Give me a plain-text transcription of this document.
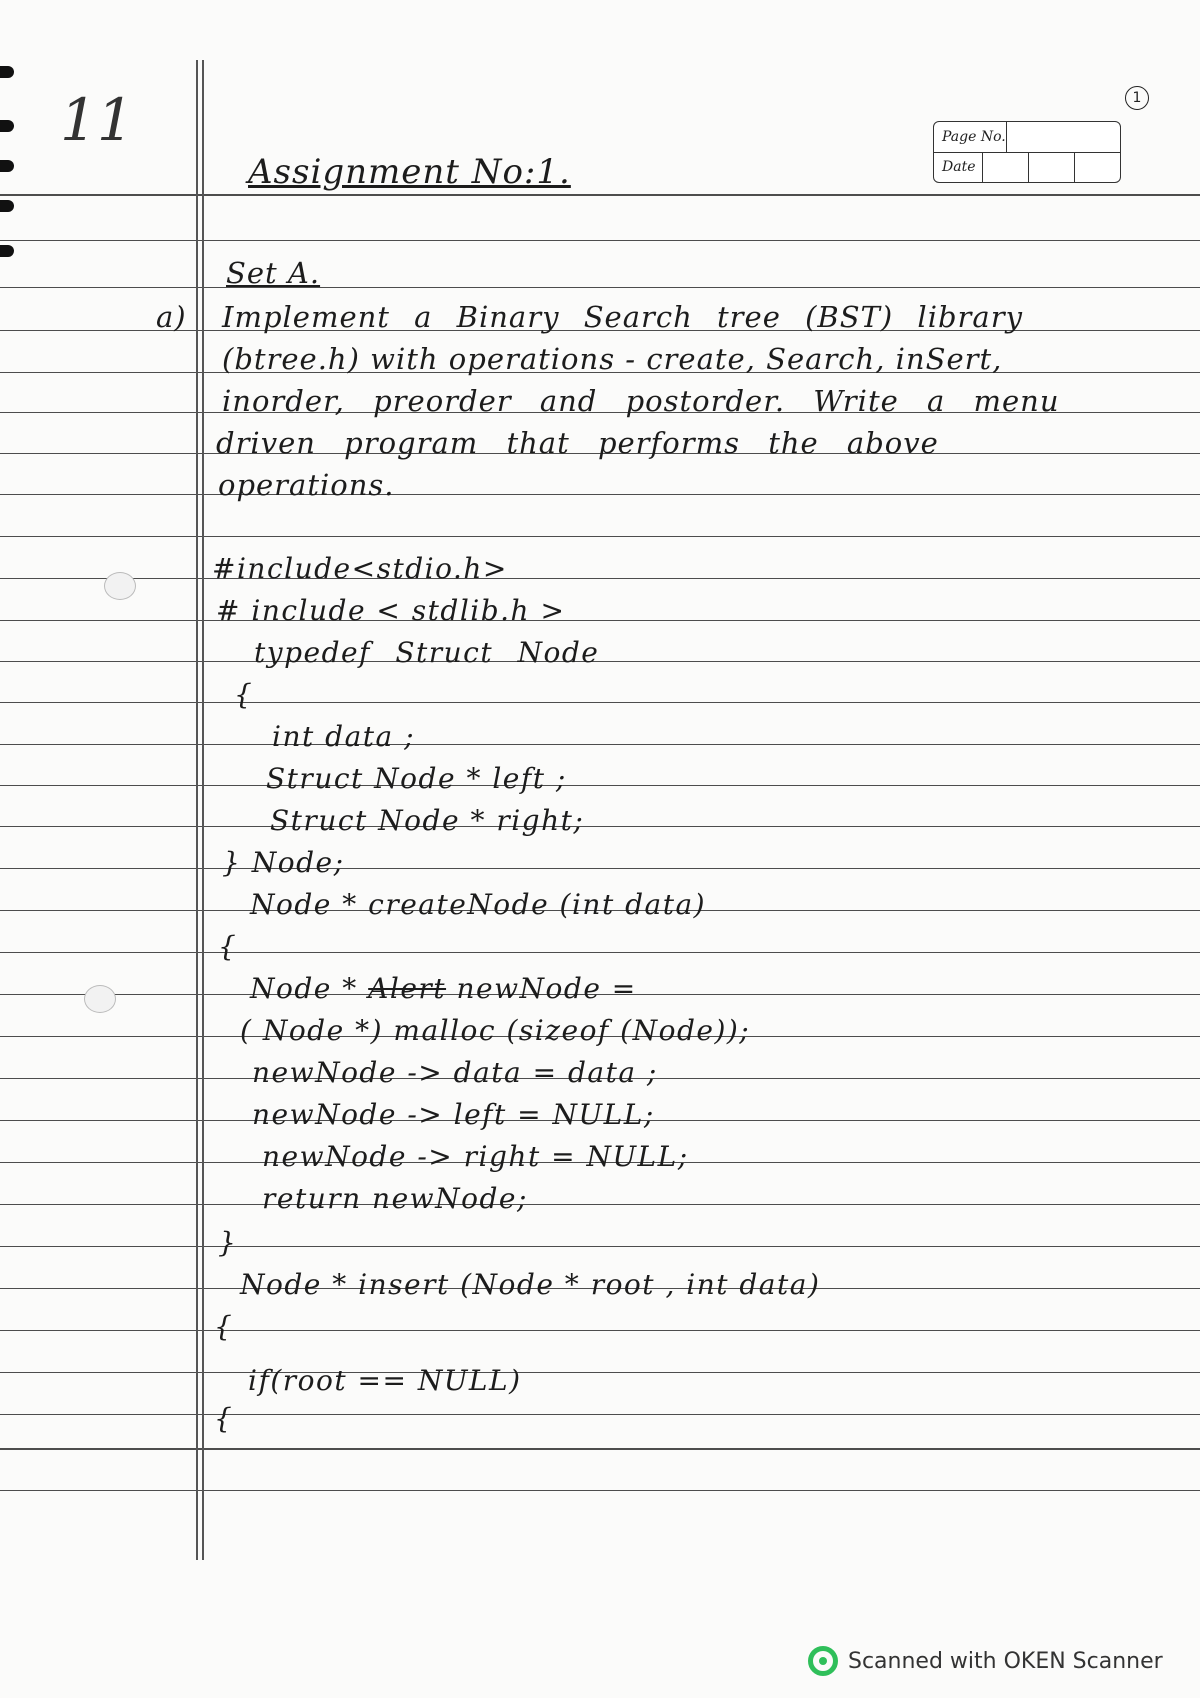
11	1
Page No.
Date
Assignment No:1.
Set A.
a) Implement a Binary Search tree (BST) library
(btree.h) with operations - create, Search, inSert,
inorder, preorder and postorder. Write a menu
driven program that performs the above
operations.
#include<stdio.h>
# include < stdlib.h >
typedef Struct Node
{
int data ;
Struct Node * left ;
Struct Node * right;
} Node;
Node * createNode (int data)
{
Node * Alert newNode =
( Node *) malloc (sizeof (Node));
newNode -> data = data ;
newNode -> left = NULL;
newNode -> right = NULL;
return newNode;
}
Node * insert (Node * root , int data)
{
if(root == NULL)
{
Scanned with OKEN Scanner
